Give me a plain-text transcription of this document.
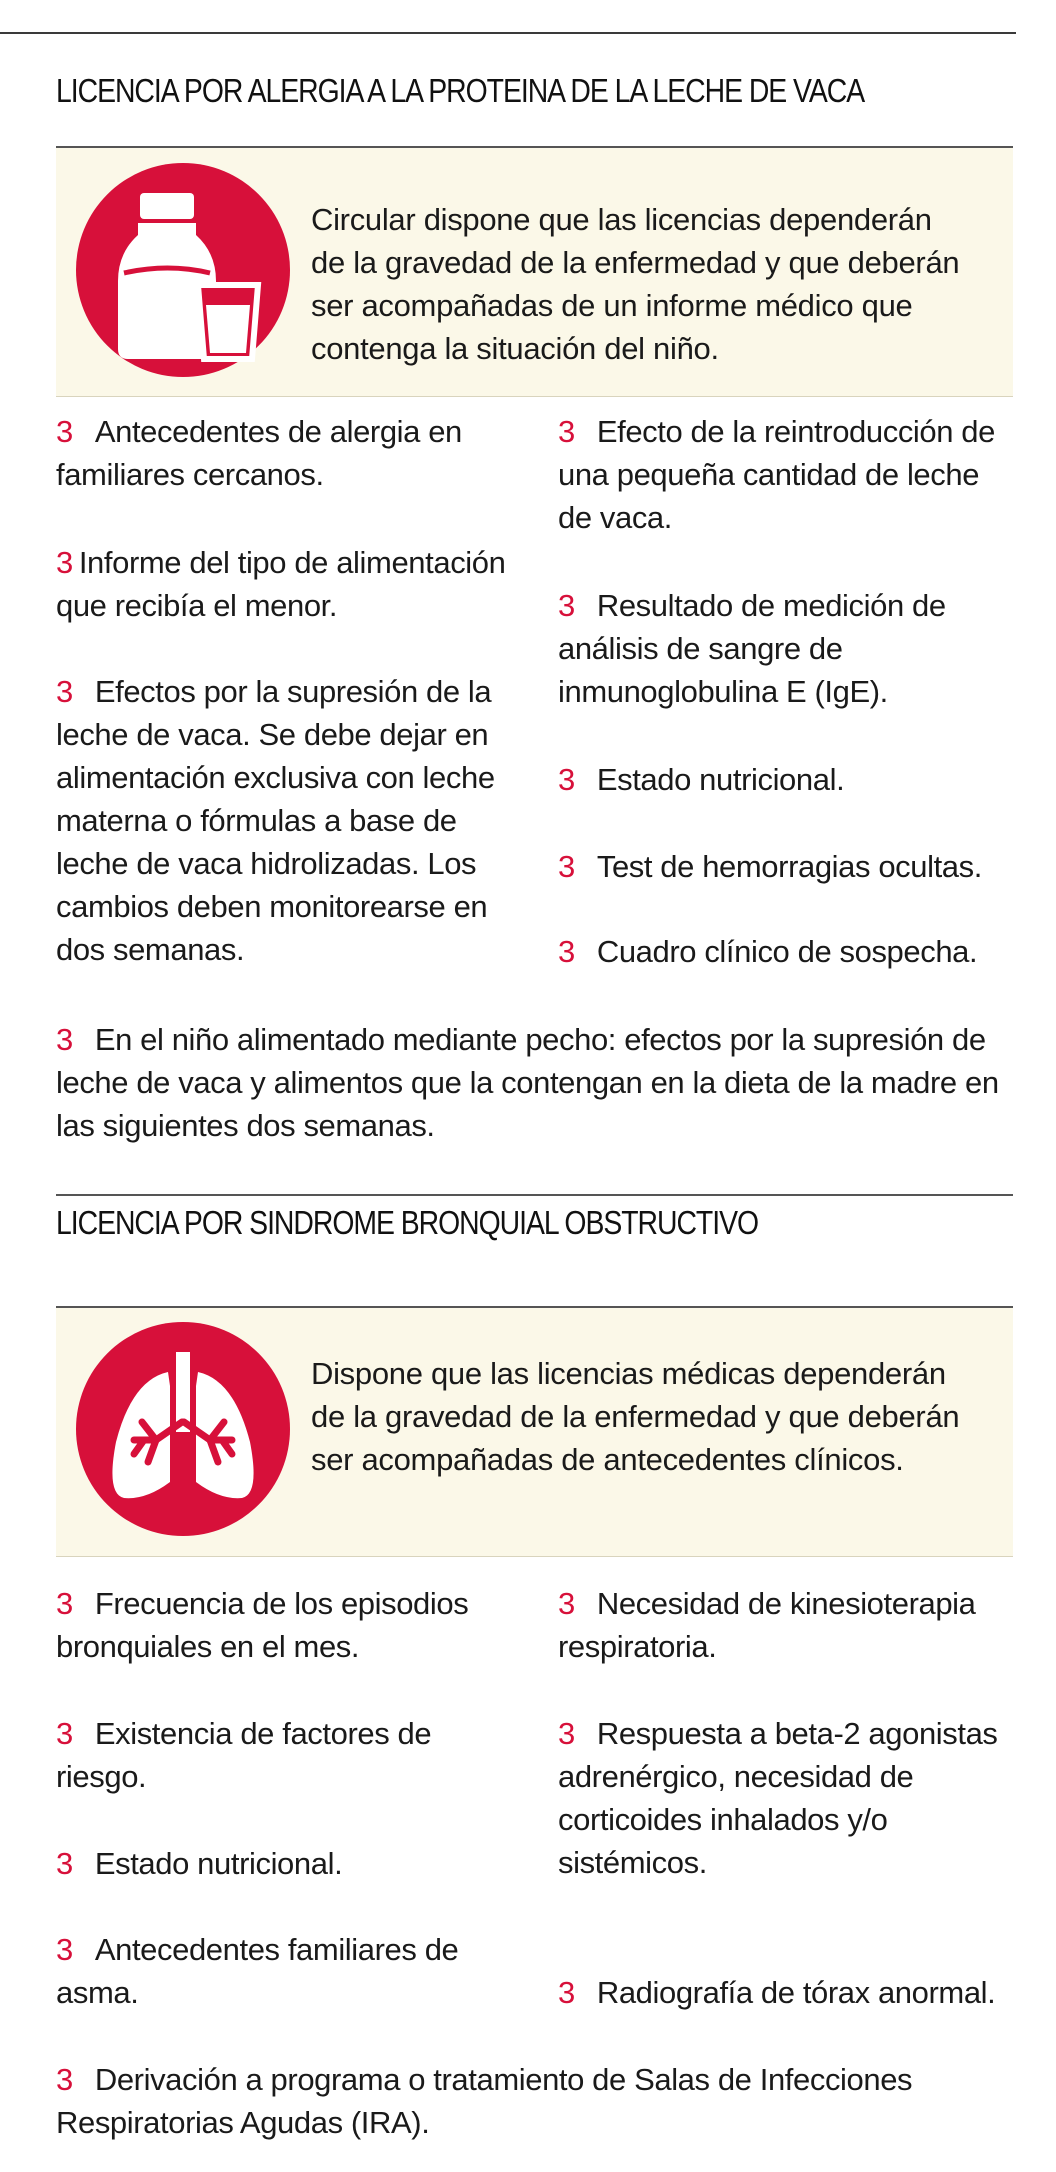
LICENCIA POR ALERGIA A LA PROTEINA DE LA LECHE DE VACA
Circular dispone que las licencias dependerán de la gravedad de la enfermedad y que deberán ser acompañadas de un informe médico que contenga la situación del niño.
3 Antecedentes de alergia en familiares cercanos.
3 Informe del tipo de alimentación que recibía el menor.
3 Efectos por la supresión de la leche de vaca. Se debe dejar en alimentación exclusiva con leche materna o fórmulas a base de leche de vaca hidrolizadas. Los cambios deben monitorearse en dos semanas.
3 Efecto de la reintroducción de una pequeña cantidad de leche de vaca.
3 Resultado de medición de análisis de sangre de inmunoglobulina E (IgE).
3 Estado nutricional.
3 Test de hemorragias ocultas.
3 Cuadro clínico de sospecha.
3 En el niño alimentado mediante pecho: efectos por la supresión de leche de vaca y alimentos que la contengan en la dieta de la madre en las siguientes dos semanas.
LICENCIA POR SINDROME BRONQUIAL OBSTRUCTIVO
Dispone que las licencias médicas dependerán de la gravedad de la enfermedad y que deberán ser acompañadas de antecedentes clínicos.
3 Frecuencia de los episodios bronquiales en el mes.
3 Existencia de factores de riesgo.
3 Estado nutricional.
3 Antecedentes familiares de asma.
3 Necesidad de kinesioterapia respiratoria.
3 Respuesta a beta-2 agonistas adrenérgico, necesidad de corticoides inhalados y/o sistémicos.
3 Radiografía de tórax anormal.
3 Derivación a programa o tratamiento de Salas de Infecciones Respiratorias Agudas (IRA).
